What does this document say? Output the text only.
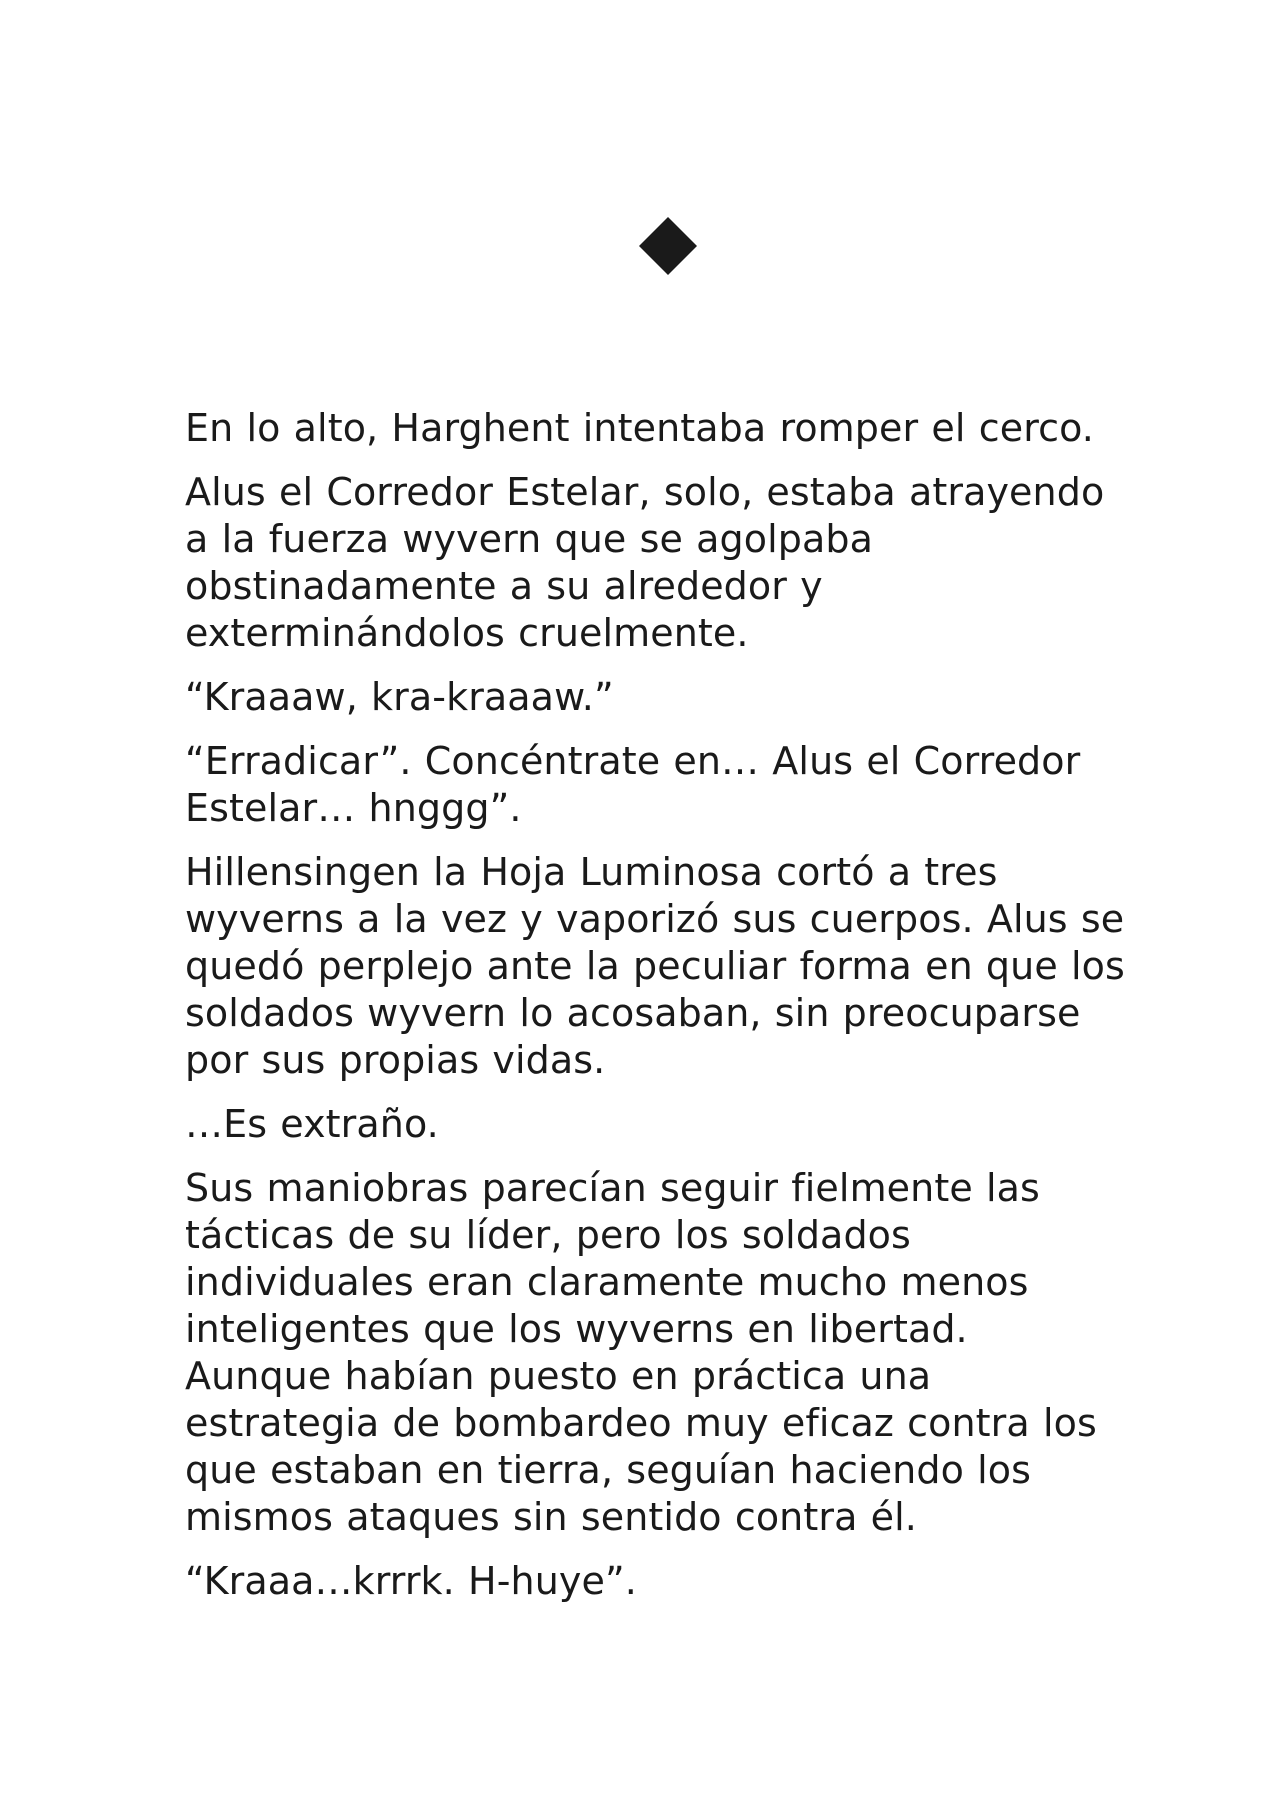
En lo alto, Harghent intentaba romper el cerco.

Alus el Corredor Estelar, solo, estaba atrayendo a la fuerza wyvern que se agolpaba obstinadamente a su alrededor y exterminándolos cruelmente.

“Kraaaw, kra-kraaaw.”

“Erradicar”. Concéntrate en… Alus el Corredor Estelar… hnggg”.

Hillensingen la Hoja Luminosa cortó a tres wyverns a la vez y vaporizó sus cuerpos. Alus se quedó perplejo ante la peculiar forma en que los soldados wyvern lo acosaban, sin preocuparse por sus propias vidas.

…Es extraño.

Sus maniobras parecían seguir fielmente las tácticas de su líder, pero los soldados individuales eran claramente mucho menos inteligentes que los wyverns en libertad. Aunque habían puesto en práctica una estrategia de bombardeo muy eficaz contra los que estaban en tierra, seguían haciendo los mismos ataques sin sentido contra él.

“Kraaa…krrrk. H-huye”.
